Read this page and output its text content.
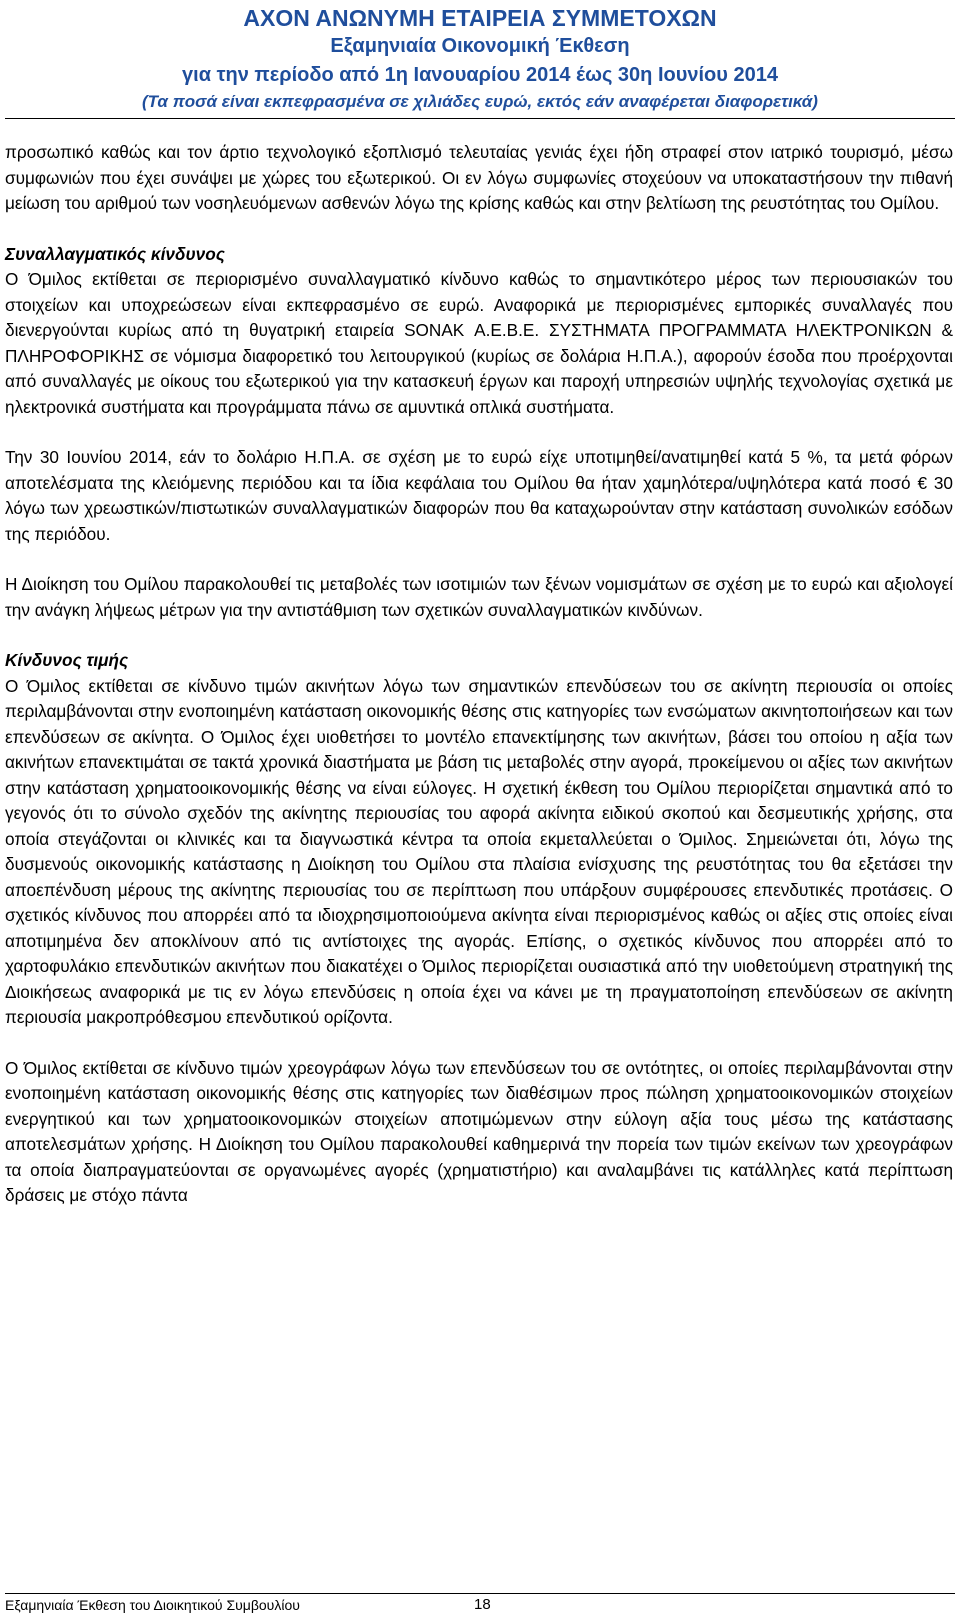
ΑΧΟΝ ΑΝΩΝΥΜΗ ΕΤΑΙΡΕΙΑ ΣΥΜΜΕΤΟΧΩΝ
Εξαμηνιαία Οικονομική Έκθεση
για την περίοδο από 1η Ιανουαρίου 2014 έως 30η Ιουνίου 2014
(Τα ποσά είναι εκπεφρασμένα σε χιλιάδες ευρώ, εκτός εάν αναφέρεται διαφορετικά)

προσωπικό καθώς και τον άρτιο τεχνολογικό εξοπλισμό τελευταίας γενιάς έχει ήδη στραφεί στον ιατρικό τουρισμό, μέσω συμφωνιών που έχει συνάψει με χώρες του εξωτερικού. Οι εν λόγω συμφωνίες στοχεύουν να υποκαταστήσουν την πιθανή μείωση του αριθμού των νοσηλευόμενων ασθενών λόγω της κρίσης καθώς και στην βελτίωση της ρευστότητας του Ομίλου.

Συναλλαγματικός κίνδυνος

Ο Όμιλος εκτίθεται σε περιορισμένο συναλλαγματικό κίνδυνο καθώς το σημαντικότερο μέρος των περιουσιακών του στοιχείων και υποχρεώσεων είναι εκπεφρασμένο σε ευρώ. Αναφορικά με περιορισμένες εμπορικές συναλλαγές που διενεργούνται κυρίως από τη θυγατρική εταιρεία SONAK Α.Ε.Β.Ε. ΣΥΣΤΗΜΑΤΑ ΠΡΟΓΡΑΜΜΑΤΑ ΗΛΕΚΤΡΟΝΙΚΩΝ & ΠΛΗΡΟΦΟΡΙΚΗΣ σε νόμισμα διαφορετικό του λειτουργικού (κυρίως σε δολάρια Η.Π.Α.), αφορούν έσοδα που προέρχονται από συναλλαγές με οίκους του εξωτερικού για την κατασκευή έργων και παροχή υπηρεσιών υψηλής τεχνολογίας σχετικά με ηλεκτρονικά συστήματα και προγράμματα πάνω σε αμυντικά οπλικά συστήματα.

Την 30 Ιουνίου 2014, εάν το δολάριο Η.Π.Α. σε σχέση με το ευρώ είχε υποτιμηθεί/ανατιμηθεί κατά 5 %, τα μετά φόρων αποτελέσματα της κλειόμενης περιόδου και τα ίδια κεφάλαια του Ομίλου θα ήταν χαμηλότερα/υψηλότερα κατά ποσό € 30 λόγω των χρεωστικών/πιστωτικών συναλλαγματικών διαφορών που θα καταχωρούνταν στην κατάσταση συνολικών εσόδων της περιόδου.

Η Διοίκηση του Ομίλου παρακολουθεί τις μεταβολές των ισοτιμιών των ξένων νομισμάτων σε σχέση με το ευρώ και αξιολογεί την ανάγκη λήψεως μέτρων για την αντιστάθμιση των σχετικών συναλλαγματικών κινδύνων.

Κίνδυνος τιμής

Ο Όμιλος εκτίθεται σε κίνδυνο τιμών ακινήτων λόγω των σημαντικών επενδύσεων του σε ακίνητη περιουσία οι οποίες περιλαμβάνονται στην ενοποιημένη κατάσταση οικονομικής θέσης στις κατηγορίες των ενσώματων ακινητοποιήσεων και των επενδύσεων σε ακίνητα. Ο Όμιλος έχει υιοθετήσει το μοντέλο επανεκτίμησης των ακινήτων, βάσει του οποίου η αξία των ακινήτων επανεκτιμάται σε τακτά χρονικά διαστήματα με βάση τις μεταβολές στην αγορά, προκείμενου οι αξίες των ακινήτων στην κατάσταση χρηματοοικονομικής θέσης να είναι εύλογες. Η σχετική έκθεση του Ομίλου περιορίζεται σημαντικά από το γεγονός ότι το σύνολο σχεδόν της ακίνητης περιουσίας του αφορά ακίνητα ειδικού σκοπού και δεσμευτικής χρήσης, στα οποία στεγάζονται οι κλινικές και τα διαγνωστικά κέντρα τα οποία εκμεταλλεύεται ο Όμιλος. Σημειώνεται ότι, λόγω της δυσμενούς οικονομικής κατάστασης η Διοίκηση του Ομίλου στα πλαίσια ενίσχυσης της ρευστότητας του θα εξετάσει την αποεπένδυση μέρους της ακίνητης περιουσίας του σε περίπτωση που υπάρξουν συμφέρουσες επενδυτικές προτάσεις. Ο σχετικός κίνδυνος που απορρέει από τα ιδιοχρησιμοποιούμενα ακίνητα είναι περιορισμένος καθώς οι αξίες στις οποίες είναι αποτιμημένα δεν αποκλίνουν από τις αντίστοιχες της αγοράς. Επίσης, ο σχετικός κίνδυνος που απορρέει από το χαρτοφυλάκιο επενδυτικών ακινήτων που διακατέχει ο Όμιλος περιορίζεται ουσιαστικά από την υιοθετούμενη στρατηγική της Διοικήσεως αναφορικά με τις εν λόγω επενδύσεις η οποία έχει να κάνει με τη πραγματοποίηση επενδύσεων σε ακίνητη περιουσία μακροπρόθεσμου επενδυτικού ορίζοντα.

Ο Όμιλος εκτίθεται σε κίνδυνο τιμών χρεογράφων λόγω των επενδύσεων του σε οντότητες, οι οποίες περιλαμβάνονται στην ενοποιημένη κατάσταση οικονομικής θέσης στις κατηγορίες των διαθέσιμων προς πώληση χρηματοοικονομικών στοιχείων ενεργητικού και των χρηματοοικονομικών στοιχείων αποτιμώμενων στην εύλογη αξία τους μέσω της κατάστασης αποτελεσμάτων χρήσης. Η Διοίκηση του Ομίλου παρακολουθεί καθημερινά την πορεία των τιμών εκείνων των χρεογράφων τα οποία διαπραγματεύονται σε οργανωμένες αγορές (χρηματιστήριο) και αναλαμβάνει τις κατάλληλες κατά περίπτωση δράσεις με στόχο πάντα

Εξαμηνιαία Έκθεση του Διοικητικού Συμβουλίου	18
